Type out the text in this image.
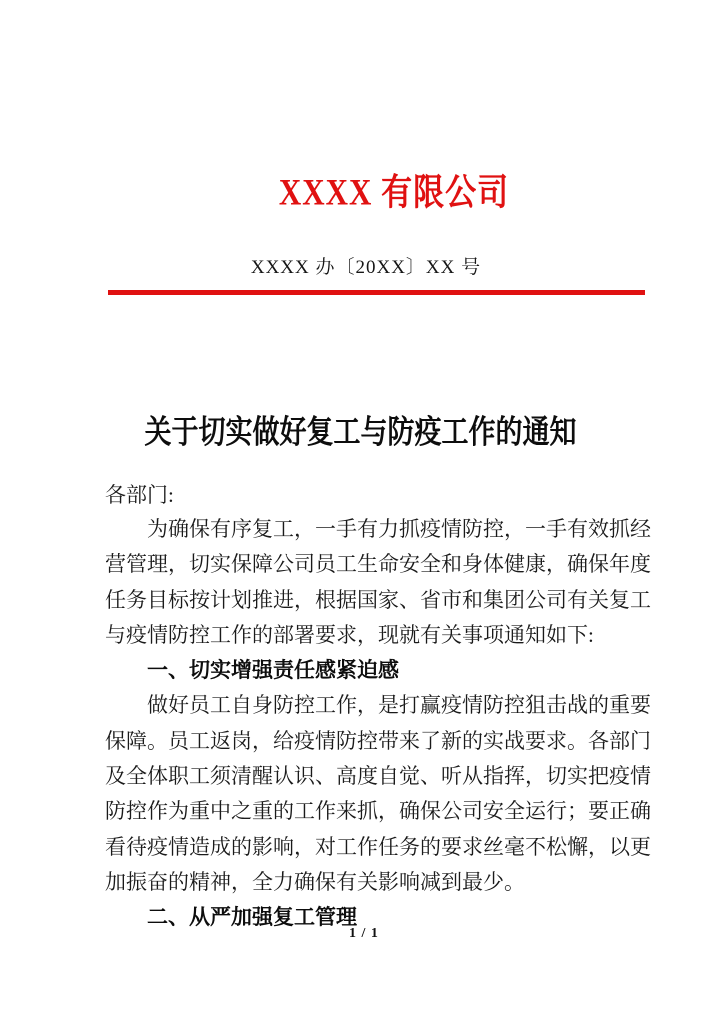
XXXX 有限公司
XXXX 办〔20XX〕XX 号
关于切实做好复工与防疫工作的通知
各部门:
为确保有序复工，一手有力抓疫情防控，一手有效抓经
营管理，切实保障公司员工生命安全和身体健康，确保年度
任务目标按计划推进，根据国家、省市和集团公司有关复工
与疫情防控工作的部署要求，现就有关事项通知如下:
一、切实增强责任感紧迫感
做好员工自身防控工作，是打赢疫情防控狙击战的重要
保障。员工返岗，给疫情防控带来了新的实战要求。各部门
及全体职工须清醒认识、高度自觉、听从指挥，切实把疫情
防控作为重中之重的工作来抓，确保公司安全运行；要正确
看待疫情造成的影响，对工作任务的要求丝毫不松懈，以更
加振奋的精神，全力确保有关影响减到最少。
二、从严加强复工管理
1 / 1
